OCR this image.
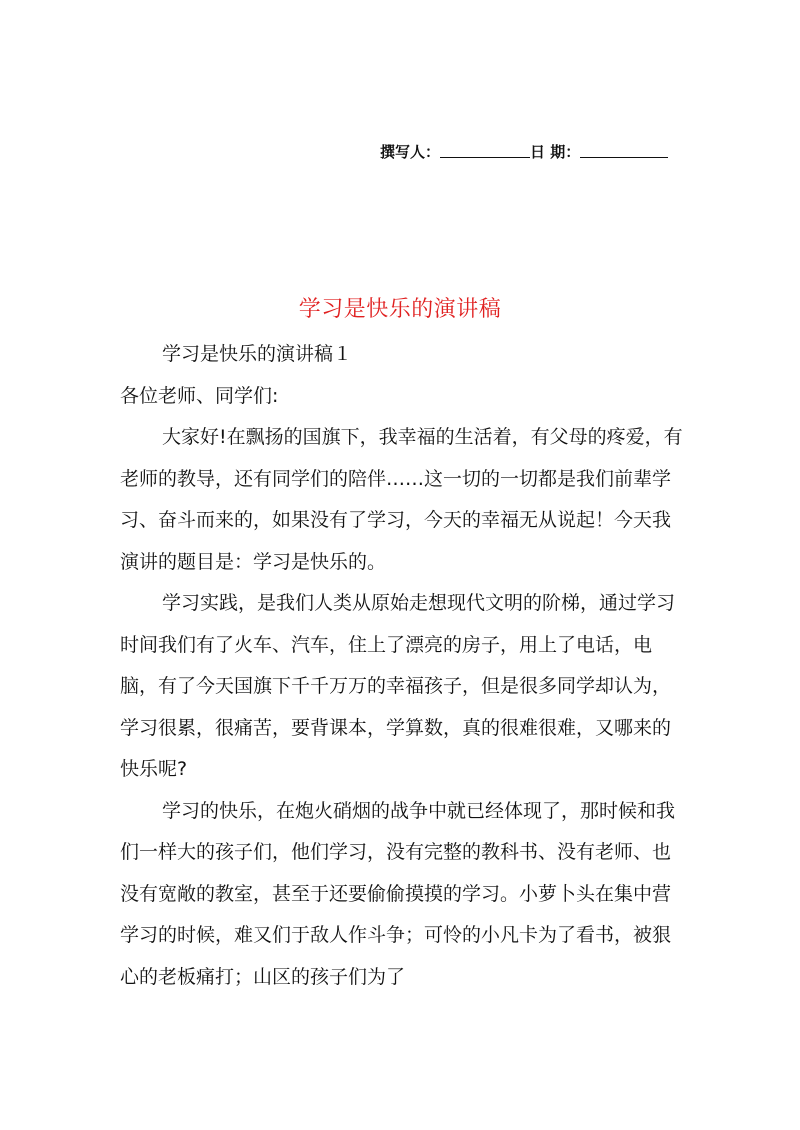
撰写人：	日 期：
学习是快乐的演讲稿

学习是快乐的演讲稿１

各位老师、同学们:

大家好!在飘扬的国旗下，我幸福的生活着，有父母的疼爱，有老师的教导，还有同学们的陪伴……这一切的一切都是我们前辈学习、奋斗而来的，如果没有了学习，今天的幸福无从说起！今天我演讲的题目是：学习是快乐的。

学习实践，是我们人类从原始走想现代文明的阶梯，通过学习时间我们有了火车、汽车，住上了漂亮的房子，用上了电话，电脑，有了今天国旗下千千万万的幸福孩子，但是很多同学却认为，学习很累，很痛苦，要背课本，学算数，真的很难很难，又哪来的快乐呢?

学习的快乐，在炮火硝烟的战争中就已经体现了，那时候和我们一样大的孩子们，他们学习，没有完整的教科书、没有老师、也没有宽敞的教室，甚至于还要偷偷摸摸的学习。小萝卜头在集中营学习的时候，难又们于敌人作斗争；可怜的小凡卡为了看书，被狠心的老板痛打；山区的孩子们为了
